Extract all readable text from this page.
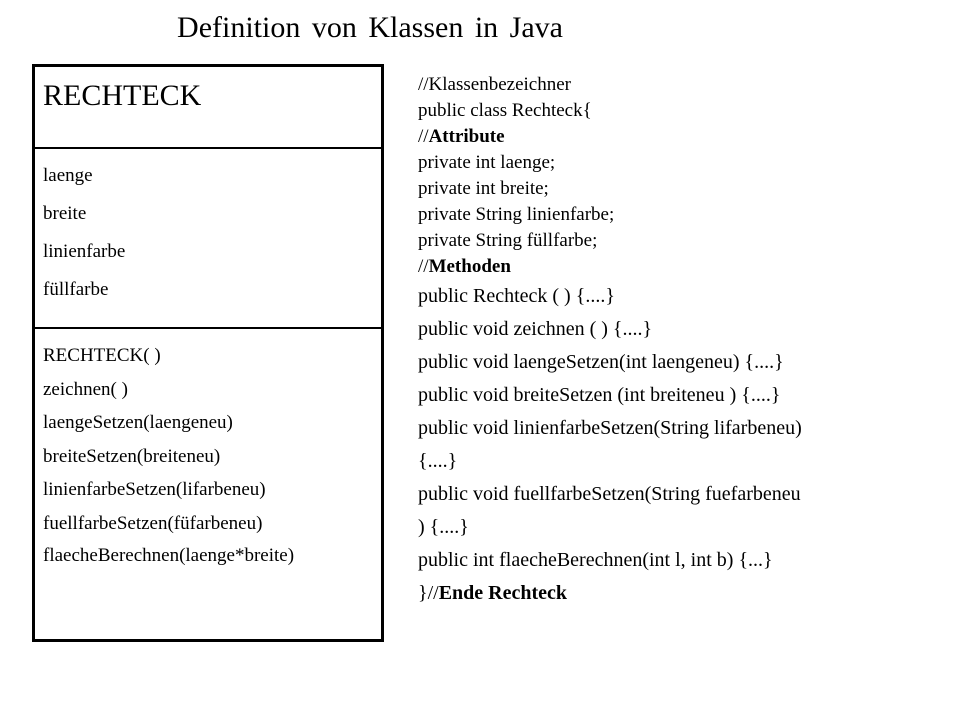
Definition von Klassen in Java
RECHTECK
laenge
breite
linienfarbe
füllfarbe
RECHTECK( )
zeichnen( )
laengeSetzen(laengeneu)
breiteSetzen(breiteneu)
linienfarbeSetzen(lifarbeneu)
fuellfarbeSetzen(füfarbeneu)
flaecheBerechnen(laenge*breite)
//Klassenbezeichner
public class Rechteck{
//Attribute
private int laenge;
private int breite;
private String linienfarbe;
private String füllfarbe;
//Methoden
public Rechteck ( ) {....}
public void zeichnen ( ) {....}
public void laengeSetzen(int laengeneu) {....}
public void breiteSetzen (int breiteneu ) {....}
public void linienfarbeSetzen(String lifarbeneu)
{....}
public void fuellfarbeSetzen(String fuefarbeneu
) {....}
public int flaecheBerechnen(int l, int b) {...}
}//Ende Rechteck
